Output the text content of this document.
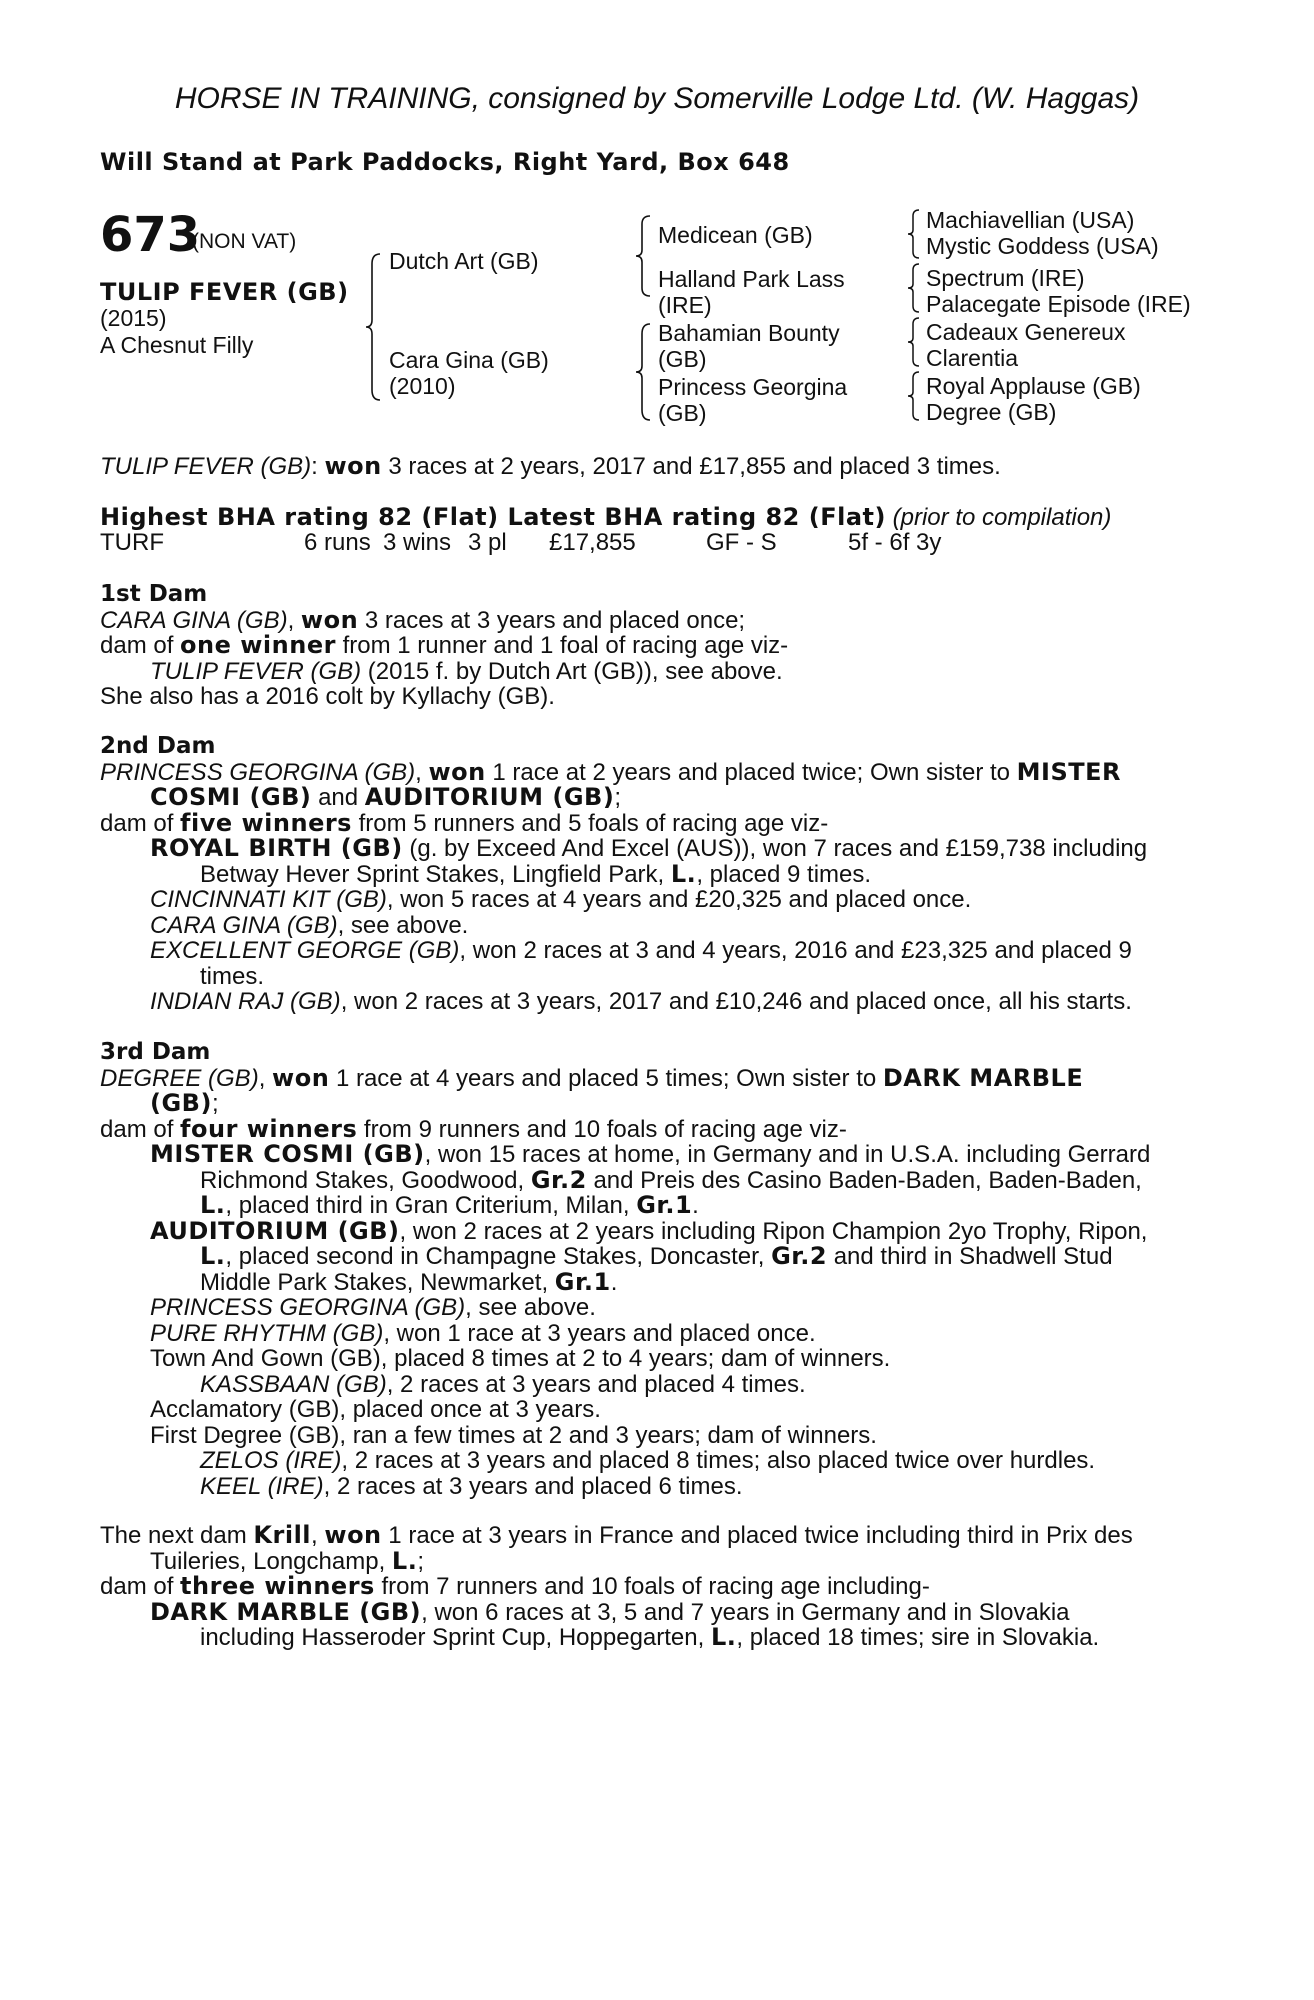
HORSE IN TRAINING, consigned by Somerville Lodge Ltd. (W. Haggas)
Will Stand at Park Paddocks, Right Yard, Box 648
673
(NON VAT)
TULIP FEVER (GB)
(2015)
A Chesnut Filly
Dutch Art (GB)
Cara Gina (GB)
(2010)
Medicean (GB)
Halland Park Lass
(IRE)
Bahamian Bounty
(GB)
Princess Georgina
(GB)
Machiavellian (USA)
Mystic Goddess (USA)
Spectrum (IRE)
Palacegate Episode (IRE)
Cadeaux Genereux
Clarentia
Royal Applause (GB)
Degree (GB)
TULIP FEVER (GB): won 3 races at 2 years, 2017 and £17,855 and placed 3 times.
Highest BHA rating 82 (Flat) Latest BHA rating 82 (Flat) (prior to compilation)
TURF	6 runs 3 wins 3 pl £17,855	GF - S	5f - 6f 3y
1st Dam
CARA GINA (GB), won 3 races at 3 years and placed once;
dam of one winner from 1 runner and 1 foal of racing age viz-
TULIP FEVER (GB) (2015 f. by Dutch Art (GB)), see above.
She also has a 2016 colt by Kyllachy (GB).
2nd Dam
PRINCESS GEORGINA (GB), won 1 race at 2 years and placed twice; Own sister to MISTER
COSMI (GB) and AUDITORIUM (GB);
dam of five winners from 5 runners and 5 foals of racing age viz-
ROYAL BIRTH (GB) (g. by Exceed And Excel (AUS)), won 7 races and £159,738 including
Betway Hever Sprint Stakes, Lingfield Park, L., placed 9 times.
CINCINNATI KIT (GB), won 5 races at 4 years and £20,325 and placed once.
CARA GINA (GB), see above.
EXCELLENT GEORGE (GB), won 2 races at 3 and 4 years, 2016 and £23,325 and placed 9
times.
INDIAN RAJ (GB), won 2 races at 3 years, 2017 and £10,246 and placed once, all his starts.
3rd Dam
DEGREE (GB), won 1 race at 4 years and placed 5 times; Own sister to DARK MARBLE
(GB);
dam of four winners from 9 runners and 10 foals of racing age viz-
MISTER COSMI (GB), won 15 races at home, in Germany and in U.S.A. including Gerrard
Richmond Stakes, Goodwood, Gr.2 and Preis des Casino Baden-Baden, Baden-Baden,
L., placed third in Gran Criterium, Milan, Gr.1.
AUDITORIUM (GB), won 2 races at 2 years including Ripon Champion 2yo Trophy, Ripon,
L., placed second in Champagne Stakes, Doncaster, Gr.2 and third in Shadwell Stud
Middle Park Stakes, Newmarket, Gr.1.
PRINCESS GEORGINA (GB), see above.
PURE RHYTHM (GB), won 1 race at 3 years and placed once.
Town And Gown (GB), placed 8 times at 2 to 4 years; dam of winners.
KASSBAAN (GB), 2 races at 3 years and placed 4 times.
Acclamatory (GB), placed once at 3 years.
First Degree (GB), ran a few times at 2 and 3 years; dam of winners.
ZELOS (IRE), 2 races at 3 years and placed 8 times; also placed twice over hurdles.
KEEL (IRE), 2 races at 3 years and placed 6 times.
The next dam Krill, won 1 race at 3 years in France and placed twice including third in Prix des
Tuileries, Longchamp, L.;
dam of three winners from 7 runners and 10 foals of racing age including-
DARK MARBLE (GB), won 6 races at 3, 5 and 7 years in Germany and in Slovakia
including Hasseroder Sprint Cup, Hoppegarten, L., placed 18 times; sire in Slovakia.
